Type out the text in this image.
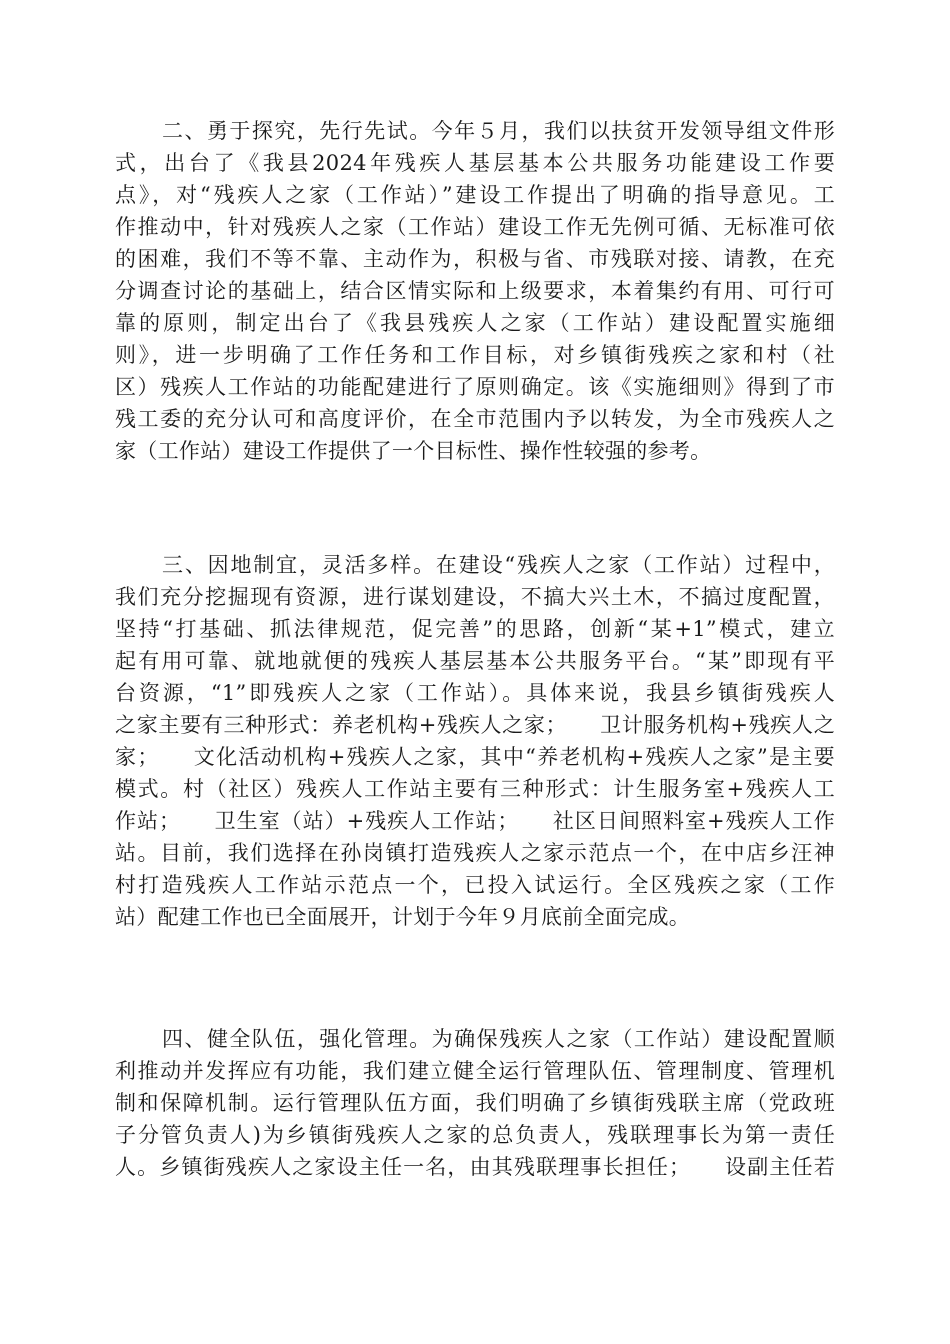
二、勇于探究，先行先试。今年５月，我们以扶贫开发领导组文件形
式，出台了《我县2024年残疾人基层基本公共服务功能建设工作要
点》，对“残疾人之家（工作站）”建设工作提出了明确的指导意见。工
作推动中，针对残疾人之家（工作站）建设工作无先例可循、无标准可依
的困难，我们不等不靠、主动作为，积极与省、市残联对接、请教，在充
分调查讨论的基础上，结合区情实际和上级要求，本着集约有用、可行可
靠的原则，制定出台了《我县残疾人之家（工作站）建设配置实施细
则》，进一步明确了工作任务和工作目标，对乡镇街残疾之家和村（社
区）残疾人工作站的功能配建进行了原则确定。该《实施细则》得到了市
残工委的充分认可和高度评价，在全市范围内予以转发，为全市残疾人之
家（工作站）建设工作提供了一个目标性、操作性较强的参考。
三、因地制宜，灵活多样。在建设“残疾人之家（工作站）过程中，
我们充分挖掘现有资源，进行谋划建设，不搞大兴土木，不搞过度配置，
坚持“打基础、抓法律规范，促完善”的思路，创新“某+1”模式，建立
起有用可靠、就地就便的残疾人基层基本公共服务平台。“某”即现有平
台资源，“1”即残疾人之家（工作站）。具体来说，我县乡镇街残疾人
之家主要有三种形式：养老机构+残疾人之家；　　卫计服务机构+残疾人之
家；　　文化活动机构+残疾人之家，其中“养老机构+残疾人之家”是主要
模式。村（社区）残疾人工作站主要有三种形式：计生服务室+残疾人工
作站；　　卫生室（站）+残疾人工作站；　　社区日间照料室+残疾人工作
站。目前，我们选择在孙岗镇打造残疾人之家示范点一个，在中店乡汪神
村打造残疾人工作站示范点一个，已投入试运行。全区残疾之家（工作
站）配建工作也已全面展开，计划于今年９月底前全面完成。
四、健全队伍，强化管理。为确保残疾人之家（工作站）建设配置顺
利推动并发挥应有功能，我们建立健全运行管理队伍、管理制度、管理机
制和保障机制。运行管理队伍方面，我们明确了乡镇街残联主席（党政班
子分管负责人)为乡镇街残疾人之家的总负责人，残联理事长为第一责任
人。乡镇街残疾人之家设主任一名，由其残联理事长担任；　　设副主任若
